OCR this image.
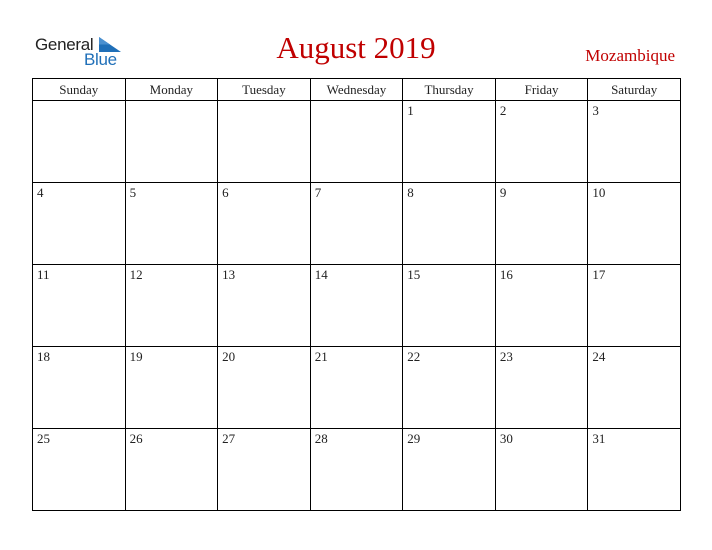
General
Blue	August 2019	Mozambique
Sunday	Monday	Tuesday	Wednesday	Thursday	Friday	Saturday
				1	2	3
4	5	6	7	8	9	10
11	12	13	14	15	16	17
18	19	20	21	22	23	24
25	26	27	28	29	30	31
